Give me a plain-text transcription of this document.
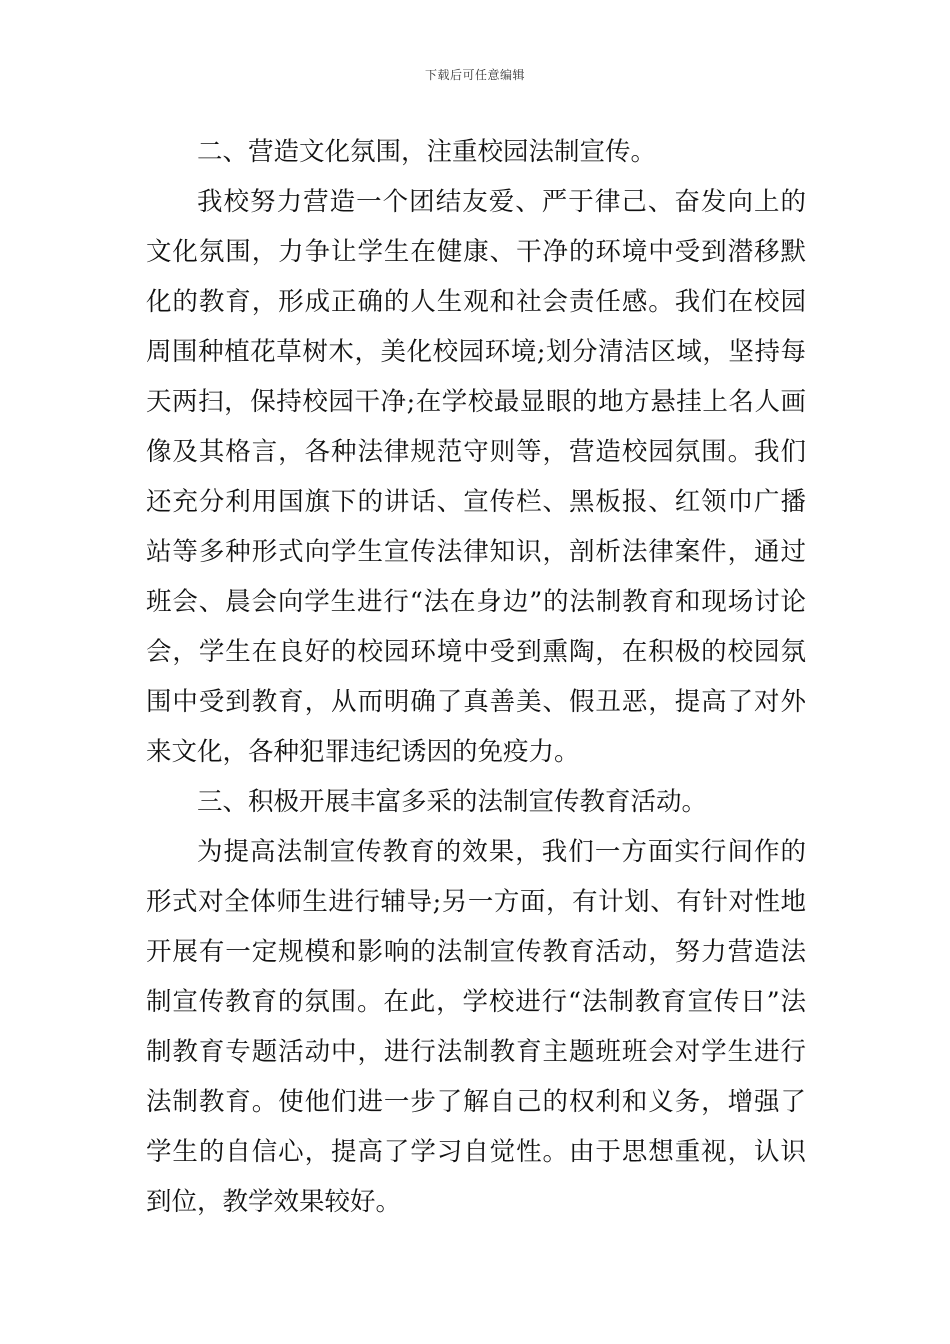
下载后可任意编辑

二、营造文化氛围，注重校园法制宣传。

我校努力营造一个团结友爱、严于律己、奋发向上的文化氛围，力争让学生在健康、干净的环境中受到潜移默化的教育，形成正确的人生观和社会责任感。我们在校园周围种植花草树木，美化校园环境;划分清洁区域，坚持每天两扫，保持校园干净;在学校最显眼的地方悬挂上名人画像及其格言，各种法律规范守则等，营造校园氛围。我们还充分利用国旗下的讲话、宣传栏、黑板报、红领巾广播站等多种形式向学生宣传法律知识，剖析法律案件，通过班会、晨会向学生进行“法在身边”的法制教育和现场讨论会，学生在良好的校园环境中受到熏陶，在积极的校园氛围中受到教育，从而明确了真善美、假丑恶，提高了对外来文化，各种犯罪违纪诱因的免疫力。

三、积极开展丰富多采的法制宣传教育活动。

为提高法制宣传教育的效果，我们一方面实行间作的形式对全体师生进行辅导;另一方面，有计划、有针对性地开展有一定规模和影响的法制宣传教育活动，努力营造法制宣传教育的氛围。在此，学校进行“法制教育宣传日”法制教育专题活动中，进行法制教育主题班班会对学生进行法制教育。使他们进一步了解自己的权利和义务，增强了学生的自信心，提高了学习自觉性。由于思想重视，认识到位，教学效果较好。
